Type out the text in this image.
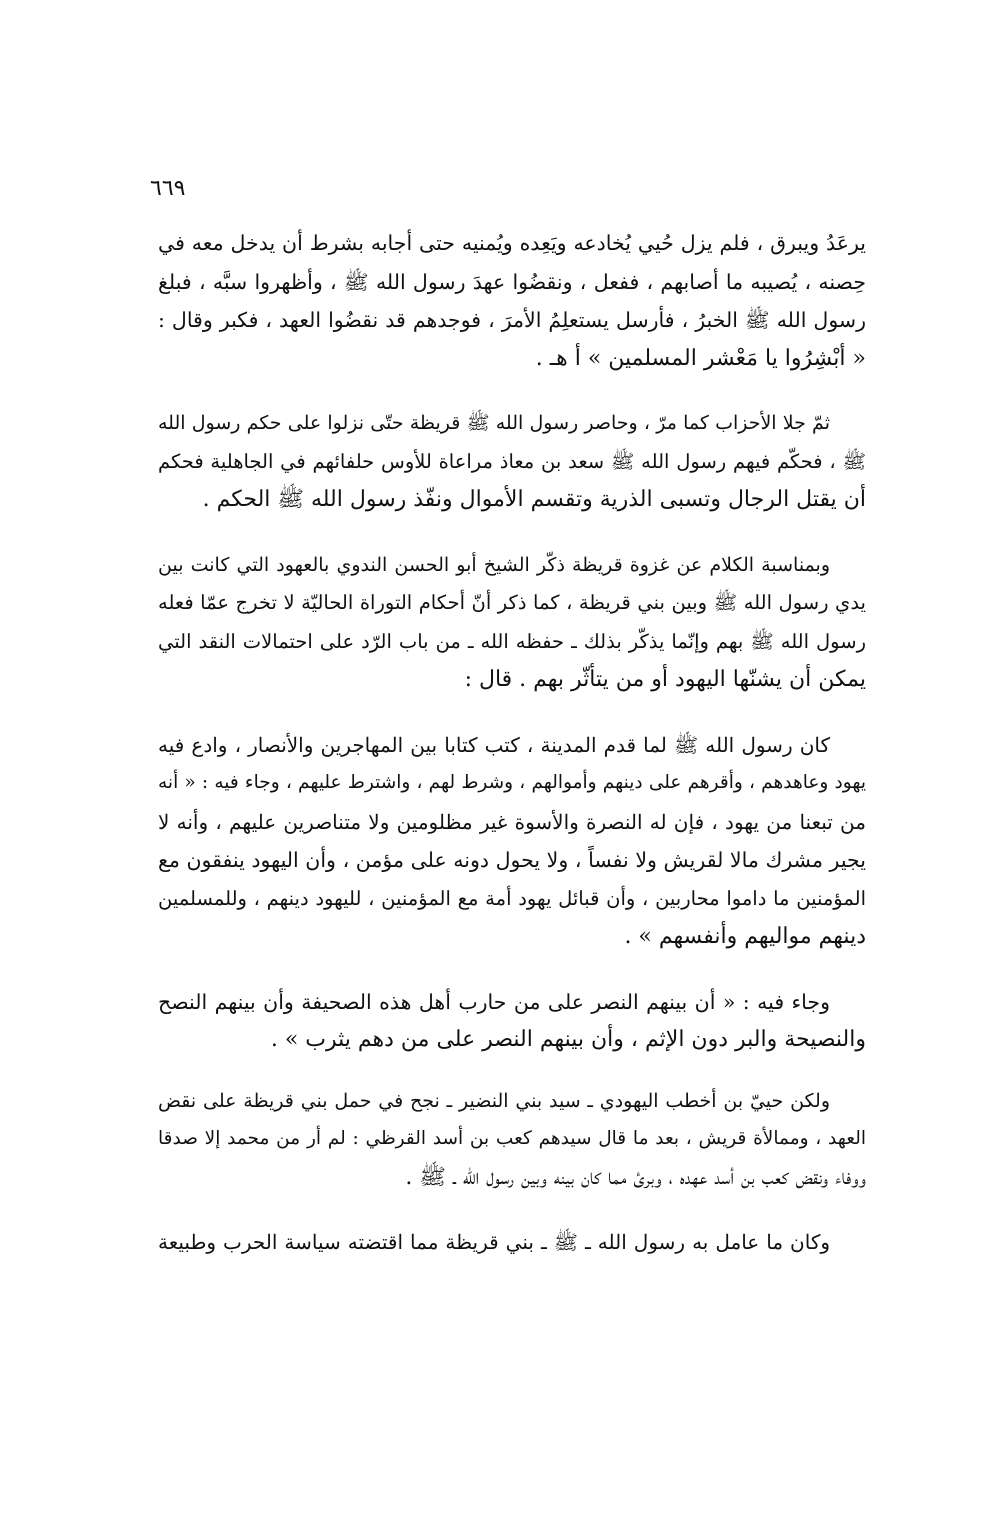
٦٦٩

يرعَدُ ويبرق ، فلم يزل حُيي يُخادعه ويَعِده ويُمنيه حتى أجابه بشرط أن يدخل معه في
حِصنه ، يُصيبه ما أصابهم ، ففعل ، ونقضُوا عهدَ رسول الله ﷺ ، وأظهروا سبَّه ، فبلغ
رسول الله ﷺ الخبرُ ، فأرسل يستعلِمُ الأمرَ ، فوجدهم قد نقضُوا العهد ، فكبر وقال :
« أبْشِرُوا يا مَعْشر المسلمين » أ هـ .

ثمّ جلا الأحزاب كما مرّ ، وحاصر رسول الله ﷺ قريظة حتّى نزلوا على حكم رسول الله
ﷺ ، فحكّم فيهم رسول الله ﷺ سعد بن معاذ مراعاة للأوس حلفائهم في الجاهلية فحكم
أن يقتل الرجال وتسبى الذرية وتقسم الأموال ونفّذ رسول الله ﷺ الحكم .

وبمناسبة الكلام عن غزوة قريظة ذكّر الشيخ أبو الحسن الندوي بالعهود التي كانت بين
يدي رسول الله ﷺ وبين بني قريظة ، كما ذكر أنّ أحكام التوراة الحاليّة لا تخرج عمّا فعله
رسول الله ﷺ بهم وإنّما يذكّر بذلك ـ حفظه الله ـ من باب الرّد على احتمالات النقد التي
يمكن أن يشنّها اليهود أو من يتأثّر بهم . قال :

كان رسول الله ﷺ لما قدم المدينة ، كتب كتابا بين المهاجرين والأنصار ، وادع فيه
يهود وعاهدهم ، وأقرهم على دينهم وأموالهم ، وشرط لهم ، واشترط عليهم ، وجاء فيه : « أنه
من تبعنا من يهود ، فإن له النصرة والأسوة غير مظلومين ولا متناصرين عليهم ، وأنه لا
يجير مشرك مالا لقريش ولا نفساً ، ولا يحول دونه على مؤمن ، وأن اليهود ينفقون مع
المؤمنين ما داموا محاربين ، وأن قبائل يهود أمة مع المؤمنين ، لليهود دينهم ، وللمسلمين
دينهم مواليهم وأنفسهم » .

وجاء فيه : « أن بينهم النصر على من حارب أهل هذه الصحيفة وأن بينهم النصح
والنصيحة والبر دون الإثم ، وأن بينهم النصر على من دهم يثرب » .

ولكن حييّ بن أخطب اليهودي ـ سيد بني النضير ـ نجح في حمل بني قريظة على نقض
العهد ، وممالأة قريش ، بعد ما قال سيدهم كعب بن أسد القرظي : لم أر من محمد إلا صدقا
ووفاء ونقض كعب بن أسد عهده ، وبرئ مما كان بينه وبين رسول الله ـ ﷺ .

وكان ما عامل به رسول الله ـ ﷺ ـ بني قريظة مما اقتضته سياسة الحرب وطبيعة
